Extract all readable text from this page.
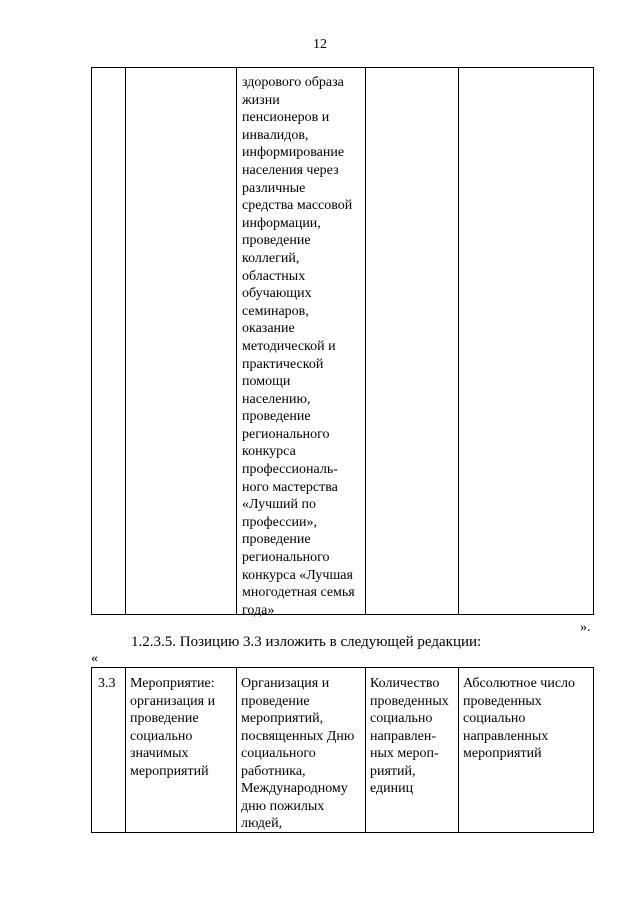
12
здорового образа
жизни
пенсионеров и
инвалидов,
информирование
населения через
различные
средства массовой
информации,
проведение
коллегий,
областных
обучающих
семинаров,
оказание
методической и
практической
помощи
населению,
проведение
регионального
конкурса
профессиональ-
ного мастерства
«Лучший по
профессии»,
проведение
регионального
конкурса «Лучшая
многодетная семья
года»
».
1.2.3.5. Позицию 3.3 изложить в следующей редакции:
«
3.3 Мероприятие:
организация и
проведение
социально
значимых
мероприятий
Организация и
проведение
мероприятий,
посвященных Дню
социального
работника,
Международному
дню пожилых
людей,
Количество
проведенных
социально
направлен-
ных мероп-
риятий,
единиц
Абсолютное число
проведенных
социально
направленных
мероприятий
